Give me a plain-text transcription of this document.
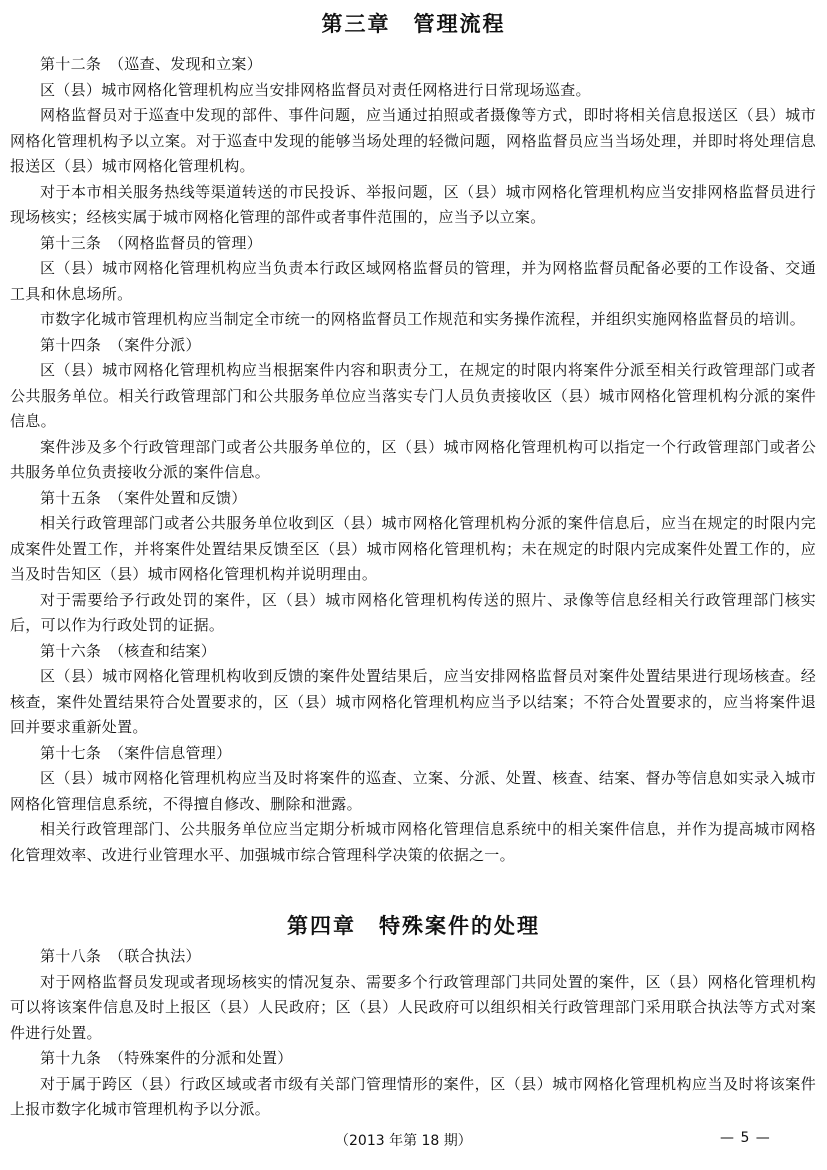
第三章　管理流程

第十二条　（巡查、发现和立案）

区（县）城市网格化管理机构应当安排网格监督员对责任网格进行日常现场巡查。

网格监督员对于巡查中发现的部件、事件问题，应当通过拍照或者摄像等方式，即时将相关信息报送区（县）城市网格化管理机构予以立案。对于巡查中发现的能够当场处理的轻微问题，网格监督员应当当场处理，并即时将处理信息报送区（县）城市网格化管理机构。

对于本市相关服务热线等渠道转送的市民投诉、举报问题，区（县）城市网格化管理机构应当安排网格监督员进行现场核实；经核实属于城市网格化管理的部件或者事件范围的，应当予以立案。

第十三条　（网格监督员的管理）

区（县）城市网格化管理机构应当负责本行政区域网格监督员的管理，并为网格监督员配备必要的工作设备、交通工具和休息场所。

市数字化城市管理机构应当制定全市统一的网格监督员工作规范和实务操作流程，并组织实施网格监督员的培训。

第十四条　（案件分派）

区（县）城市网格化管理机构应当根据案件内容和职责分工，在规定的时限内将案件分派至相关行政管理部门或者公共服务单位。相关行政管理部门和公共服务单位应当落实专门人员负责接收区（县）城市网格化管理机构分派的案件信息。

案件涉及多个行政管理部门或者公共服务单位的，区（县）城市网格化管理机构可以指定一个行政管理部门或者公共服务单位负责接收分派的案件信息。

第十五条　（案件处置和反馈）

相关行政管理部门或者公共服务单位收到区（县）城市网格化管理机构分派的案件信息后，应当在规定的时限内完成案件处置工作，并将案件处置结果反馈至区（县）城市网格化管理机构；未在规定的时限内完成案件处置工作的，应当及时告知区（县）城市网格化管理机构并说明理由。

对于需要给予行政处罚的案件，区（县）城市网格化管理机构传送的照片、录像等信息经相关行政管理部门核实后，可以作为行政处罚的证据。

第十六条　（核查和结案）

区（县）城市网格化管理机构收到反馈的案件处置结果后，应当安排网格监督员对案件处置结果进行现场核查。经核查，案件处置结果符合处置要求的，区（县）城市网格化管理机构应当予以结案；不符合处置要求的，应当将案件退回并要求重新处置。

第十七条　（案件信息管理）

区（县）城市网格化管理机构应当及时将案件的巡查、立案、分派、处置、核查、结案、督办等信息如实录入城市网格化管理信息系统，不得擅自修改、删除和泄露。

相关行政管理部门、公共服务单位应当定期分析城市网格化管理信息系统中的相关案件信息，并作为提高城市网格化管理效率、改进行业管理水平、加强城市综合管理科学决策的依据之一。

第四章　特殊案件的处理

第十八条　（联合执法）

对于网格监督员发现或者现场核实的情况复杂、需要多个行政管理部门共同处置的案件，区（县）网格化管理机构可以将该案件信息及时上报区（县）人民政府；区（县）人民政府可以组织相关行政管理部门采用联合执法等方式对案件进行处置。

第十九条　（特殊案件的分派和处置）

对于属于跨区（县）行政区域或者市级有关部门管理情形的案件，区（县）城市网格化管理机构应当及时将该案件上报市数字化城市管理机构予以分派。

（2013 年第 18 期）	— 5 —
